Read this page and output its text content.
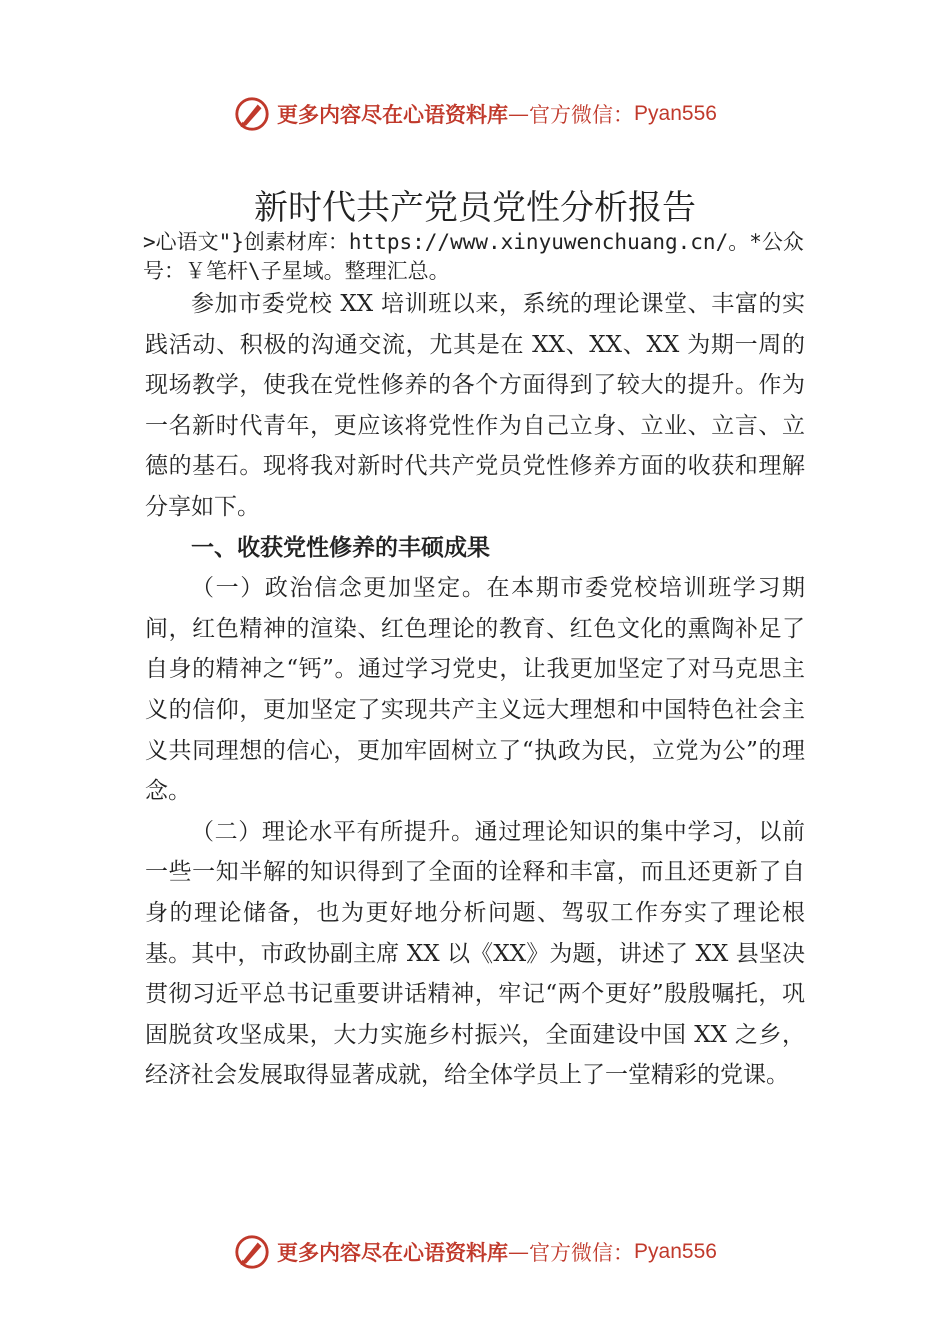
更多内容尽在心语资料库 — 官方微信： Pyan556
新时代共产党员党性分析报告
>心语文"}创素材库：https://www.xinyuwenchuang.cn/。*公众号：￥笔杆\子星域。整理汇总。

参加市委党校 XX 培训班以来，系统的理论课堂、丰富的实践活动、积极的沟通交流，尤其是在 XX、XX、XX 为期一周的现场教学，使我在党性修养的各个方面得到了较大的提升。作为一名新时代青年，更应该将党性作为自己立身、立业、立言、立德的基石。现将我对新时代共产党员党性修养方面的收获和理解分享如下。

一、收获党性修养的丰硕成果

（一）政治信念更加坚定。在本期市委党校培训班学习期间，红色精神的渲染、红色理论的教育、红色文化的熏陶补足了自身的精神之“钙”。通过学习党史，让我更加坚定了对马克思主义的信仰，更加坚定了实现共产主义远大理想和中国特色社会主义共同理想的信心，更加牢固树立了“执政为民，立党为公”的理念。

（二）理论水平有所提升。通过理论知识的集中学习，以前一些一知半解的知识得到了全面的诠释和丰富，而且还更新了自身的理论储备，也为更好地分析问题、驾驭工作夯实了理论根基。其中，市政协副主席 XX 以《XX》为题，讲述了 XX 县坚决贯彻习近平总书记重要讲话精神，牢记“两个更好”殷殷嘱托，巩固脱贫攻坚成果，大力实施乡村振兴，全面建设中国 XX 之乡，经济社会发展取得显著成就，给全体学员上了一堂精彩的党课。

更多内容尽在心语资料库 — 官方微信： Pyan556
